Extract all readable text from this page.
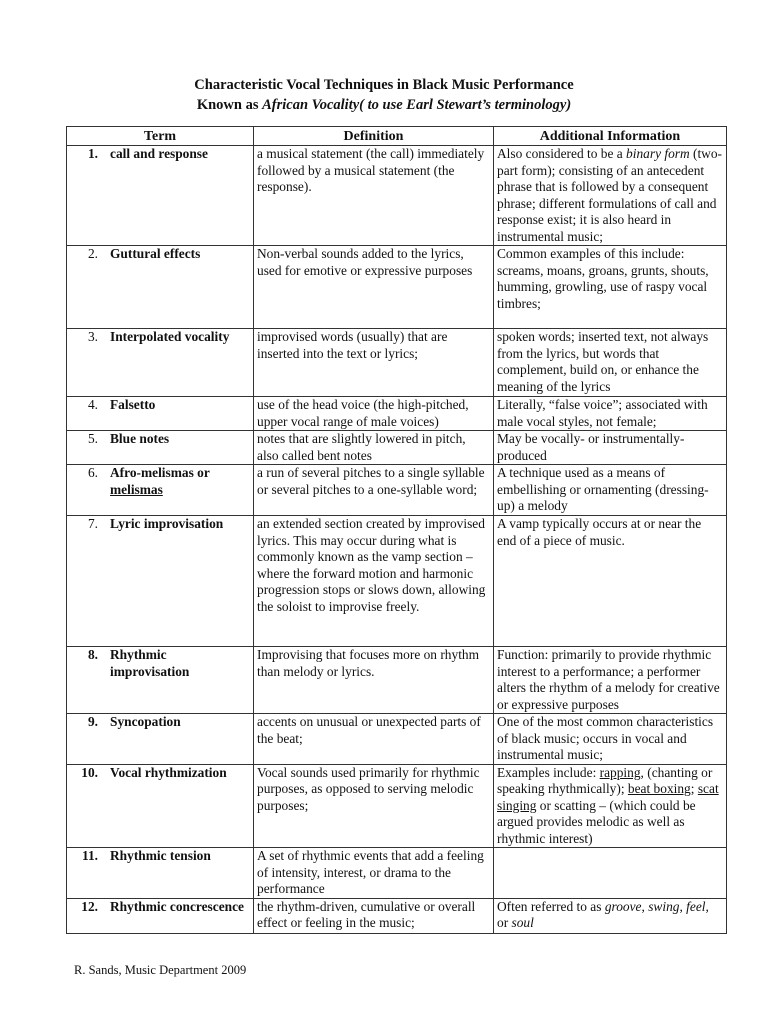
Characteristic Vocal Techniques in Black Music Performance
Known as African Vocality( to use Earl Stewart’s terminology)
Term	Definition	Additional Information
1. call and response	a musical statement (the call) immediately followed by a musical statement (the response).	Also considered to be a binary form (two-part form); consisting of an antecedent phrase that is followed by a consequent phrase; different formulations of call and response exist; it is also heard in instrumental music;
2. Guttural effects	Non-verbal sounds added to the lyrics, used for emotive or expressive purposes	Common examples of this include: screams, moans, groans, grunts, shouts, humming, growling, use of raspy vocal timbres;
3. Interpolated vocality	improvised words (usually) that are inserted into the text or lyrics;	spoken words; inserted text, not always from the lyrics, but words that complement, build on, or enhance the meaning of the lyrics
4. Falsetto	use of the head voice (the high-pitched, upper vocal range of male voices)	Literally, “false voice”; associated with male vocal styles, not female;
5. Blue notes	notes that are slightly lowered in pitch, also called bent notes	May be vocally- or instrumentally-produced
6. Afro-melismas or melismas	a run of several pitches to a single syllable or several pitches to a one-syllable word;	A technique used as a means of embellishing or ornamenting (dressing-up) a melody
7. Lyric improvisation	an extended section created by improvised lyrics. This may occur during what is commonly known as the vamp section – where the forward motion and harmonic progression stops or slows down, allowing the soloist to improvise freely.	A vamp typically occurs at or near the end of a piece of music.
8. Rhythmic improvisation	Improvising that focuses more on rhythm than melody or lyrics.	Function: primarily to provide rhythmic interest to a performance; a performer alters the rhythm of a melody for creative or expressive purposes
9. Syncopation	accents on unusual or unexpected parts of the beat;	One of the most common characteristics of black music; occurs in vocal and instrumental music;
10. Vocal rhythmization	Vocal sounds used primarily for rhythmic purposes, as opposed to serving melodic purposes;	Examples include: rapping, (chanting or speaking rhythmically); beat boxing; scat singing or scatting – (which could be argued provides melodic as well as rhythmic interest)
11. Rhythmic tension	A set of rhythmic events that add a feeling of intensity, interest, or drama to the performance	
12. Rhythmic concrescence	the rhythm-driven, cumulative or overall effect or feeling in the music;	Often referred to as groove, swing, feel, or soul
R. Sands, Music Department 2009
